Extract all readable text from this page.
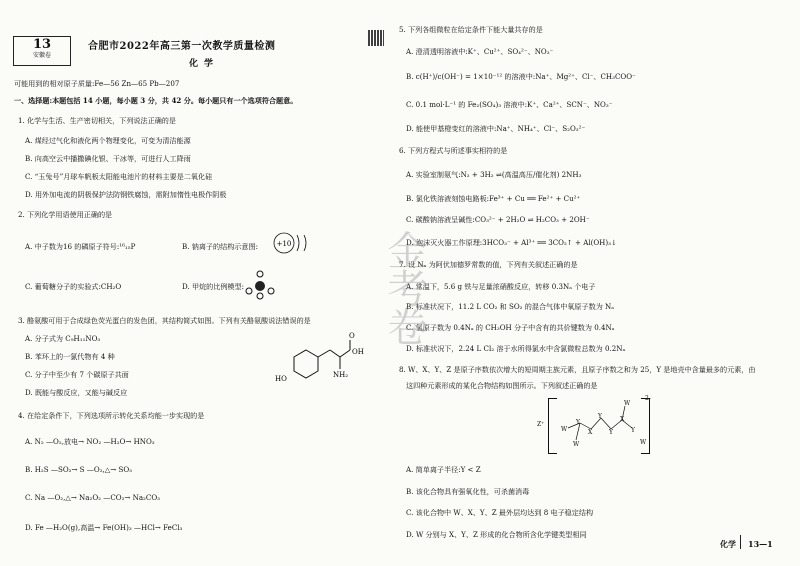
13
安徽卷
合肥市2022年高三第一次教学质量检测
化学
可能用到的相对原子质量:Fe—56 Zn—65 Pb—207
一、选择题:本题包括 14 小题，每小题 3 分，共 42 分。每小题只有一个选项符合题意。
1. 化学与生活、生产密切相关，下列说法正确的是
A. 煤经过气化和液化两个物理变化，可变为清洁能源
B. 向高空云中播撒碘化银、干冰等，可进行人工降雨
C. “玉兔号”月球车帆板太阳能电池片的材料主要是二氧化硅
D. 用外加电流的阴极保护法防钢铁腐蚀，需附加惰性电极作阴极
2. 下列化学用语使用正确的是
A. 中子数为16 的磷原子符号:¹⁶₁₅P	B. 钠离子的结构示意图:	+10
C. 葡萄糖分子的实验式:CH₂O	D. 甲烷的比例模型:
3. 酪氨酸可用于合成绿色荧光蛋白的发色团，其结构简式如图。下列有关酪氨酸说法错误的是
A. 分子式为 C₉H₁₁NO₃
B. 苯环上的一氯代物有 4 种
C. 分子中至少有 7 个碳原子共面
D. 既能与酸反应，又能与碱反应
O
OH
HO	NH₂
4. 在给定条件下，下列选项所示转化关系均能一步实现的是
A. N₂ —O₂,放电→ NO₂ —H₂O→ HNO₃
B. H₂S —SO₂→ S —O₂,△→ SO₃
C. Na —O₂,△→ Na₂O₂ —CO₂→ Na₂CO₃
D. Fe —H₂O(g),高温→ Fe(OH)₃ —HCl→ FeCl₃
5. 下列各组微粒在给定条件下能大量共存的是
A. 澄清透明溶液中:K⁺、Cu²⁺、SO₄²⁻、NO₃⁻
B. c(H⁺)/c(OH⁻) = 1×10⁻¹² 的溶液中:Na⁺、Mg²⁺、Cl⁻、CH₃COO⁻
C. 0.1 mol·L⁻¹ 的 Fe₂(SO₄)₃ 溶液中:K⁺、Ca²⁺、SCN⁻、NO₃⁻
D. 能使甲基橙变红的溶液中:Na⁺、NH₄⁺、Cl⁻、S₂O₃²⁻
6. 下列方程式与所述事实相符的是
A. 实验室制氨气:N₂ + 3H₂ ⇌(高温高压/催化剂) 2NH₃
B. 氯化铁溶液刻蚀电路板:Fe³⁺ + Cu ══ Fe²⁺ + Cu²⁺
C. 碳酸钠溶液呈碱性:CO₃²⁻ + 2H₂O ⇌ H₂CO₃ + 2OH⁻
D. 泡沫灭火器工作原理:3HCO₃⁻ + Al³⁺ ══ 3CO₂↑ + Al(OH)₃↓
7. 设 Nₐ 为阿伏加德罗常数的值，下列有关叙述正确的是
A. 常温下，5.6 g 铁与足量浓硝酸反应，转移 0.3Nₐ 个电子
B. 标准状况下，11.2 L CO₂ 和 SO₂ 的混合气体中氧原子数为 Nₐ
C. 氢原子数为 0.4Nₐ 的 CH₃OH 分子中含有的共价键数为 0.4Nₐ
D. 标准状况下，2.24 L Cl₂ 溶于水所得氯水中含氯微粒总数为 0.2Nₐ
8. W、X、Y、Z 是原子序数依次增大的短周期主族元素，且原子序数之和为 25，Y 是地壳中含量最多的元素，由
这四种元素形成的某化合物结构如图所示。下列叙述正确的是
A. 简单离子半径:Y < Z
B. 该化合物具有强氧化性，可杀菌消毒
C. 该化合物中 W、X、Y、Z 最外层均达到 8 电子稳定结构
D. W 分别与 X、Y、Z 形成的化合物所含化学键类型相同
金考卷
Z⁺
W
Y
X
Y
Y
X
Y
W
W
W
2-
化学 13—1
